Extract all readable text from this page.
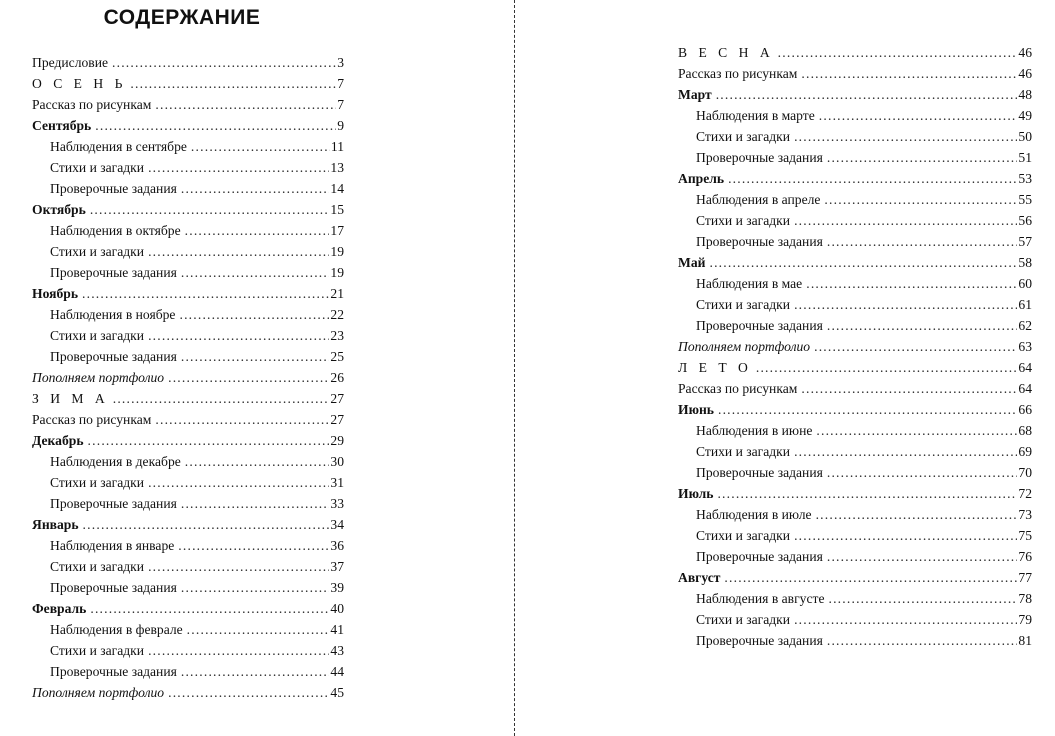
СОДЕРЖАНИЕ
Предисловие .....	3
О С Е Н Ь .....	7
Рассказ по рисункам .....	7
Сентябрь .....	9
Наблюдения в сентябре .....	11
Стихи и загадки .....	13
Проверочные задания .....	14
Октябрь .....	15
Наблюдения в октябре .....	17
Стихи и загадки .....	19
Проверочные задания .....	19
Ноябрь .....	21
Наблюдения в ноябре .....	22
Стихи и загадки .....	23
Проверочные задания .....	25
Пополняем портфолио .....	26
З И М А .....	27
Рассказ по рисункам .....	27
Декабрь .....	29
Наблюдения в декабре .....	30
Стихи и загадки .....	31
Проверочные задания .....	33
Январь .....	34
Наблюдения в январе .....	36
Стихи и загадки .....	37
Проверочные задания .....	39
Февраль .....	40
Наблюдения в феврале .....	41
Стихи и загадки .....	43
Проверочные задания .....	44
Пополняем портфолио .....	45
В Е С Н А .....	46
Рассказ по рисункам .....	46
Март .....	48
Наблюдения в марте .....	49
Стихи и загадки .....	50
Проверочные задания .....	51
Апрель .....	53
Наблюдения в апреле .....	55
Стихи и загадки .....	56
Проверочные задания .....	57
Май .....	58
Наблюдения в мае .....	60
Стихи и загадки .....	61
Проверочные задания .....	62
Пополняем портфолио .....	63
Л Е Т О .....	64
Рассказ по рисункам .....	64
Июнь .....	66
Наблюдения в июне .....	68
Стихи и загадки .....	69
Проверочные задания .....	70
Июль .....	72
Наблюдения в июле .....	73
Стихи и загадки .....	75
Проверочные задания .....	76
Август .....	77
Наблюдения в августе .....	78
Стихи и загадки .....	79
Проверочные задания .....	81
